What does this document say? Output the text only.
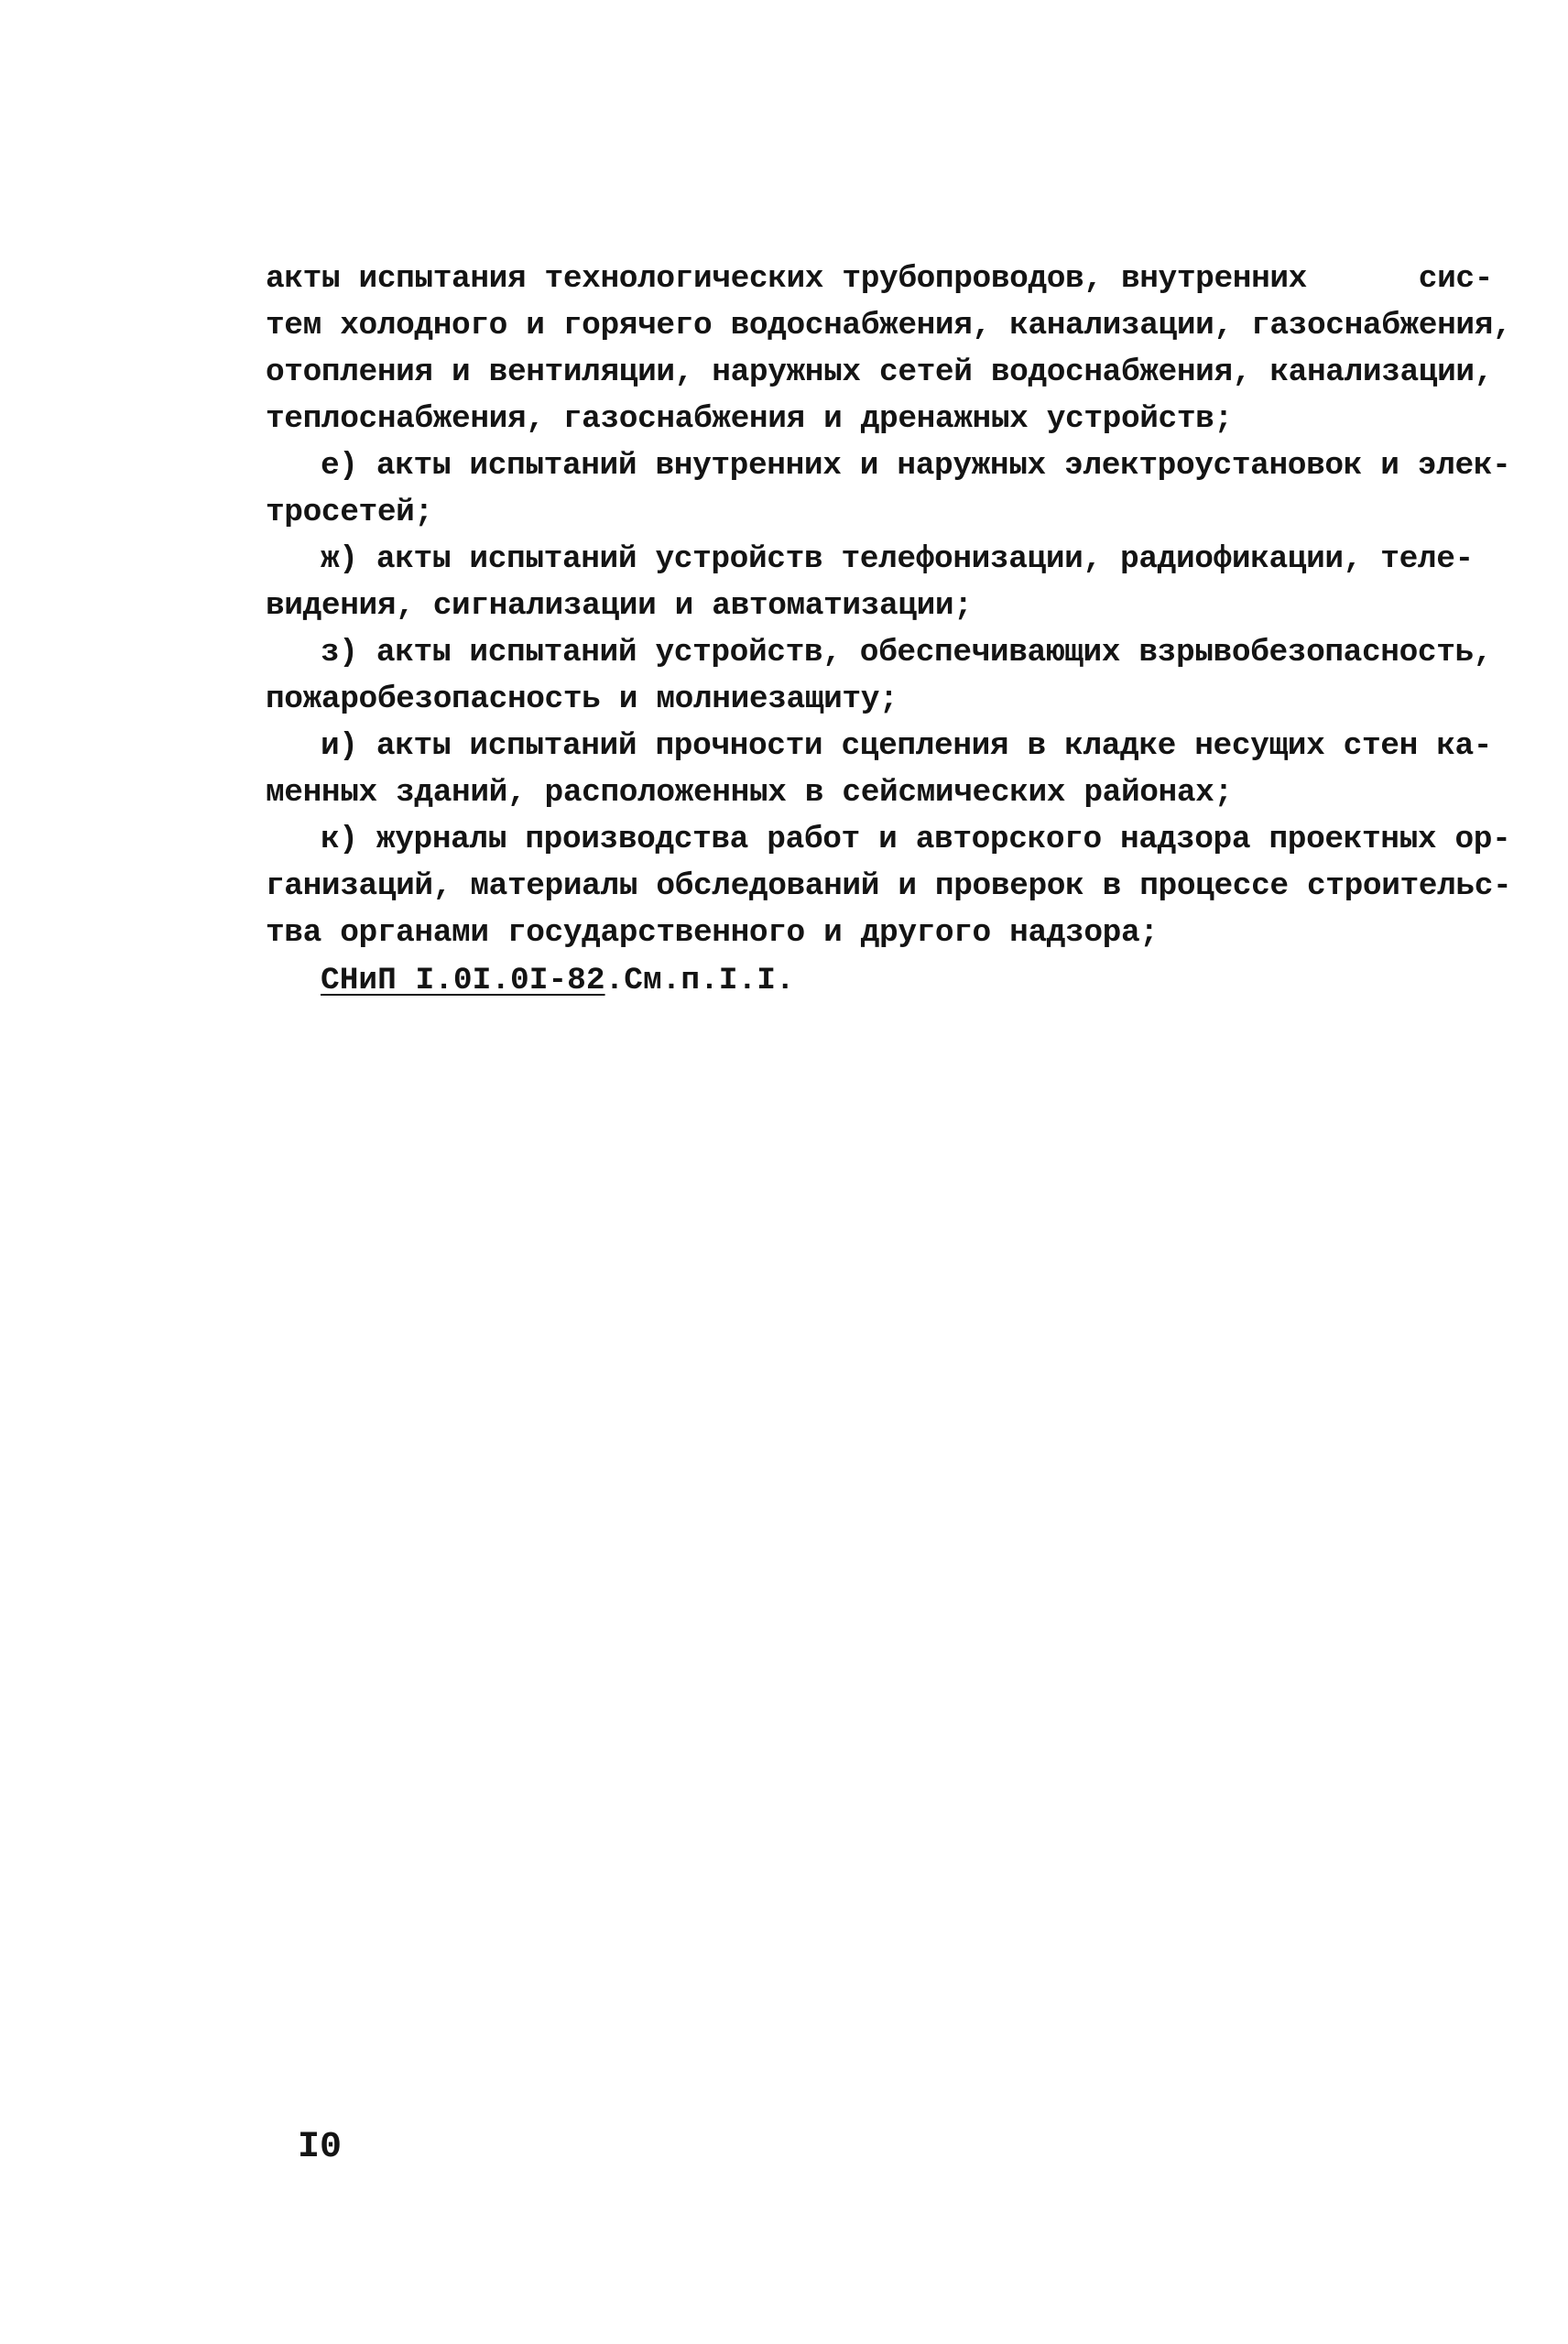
акты испытания технологических трубопроводов, внутренних      сис-
тем холодного и горячего водоснабжения, канализации, газоснабжения,
отопления и вентиляции, наружных сетей водоснабжения, канализации,
теплоснабжения, газоснабжения и дренажных устройств;
е) акты испытаний внутренних и наружных электроустановок и элек-
тросетей;
ж) акты испытаний устройств телефонизации, радиофикации, теле-
видения, сигнализации и автоматизации;
з) акты испытаний устройств, обеспечивающих взрывобезопасность,
пожаробезопасность и молниезащиту;
и) акты испытаний прочности сцепления в кладке несущих стен ка-
менных зданий, расположенных в сейсмических районах;
к) журналы производства работ и авторского надзора проектных ор-
ганизаций, материалы обследований и проверок в процессе строительс-
тва органами государственного и другого надзора;
СНиП I.0I.0I-82.См.п.I.I.
I0
